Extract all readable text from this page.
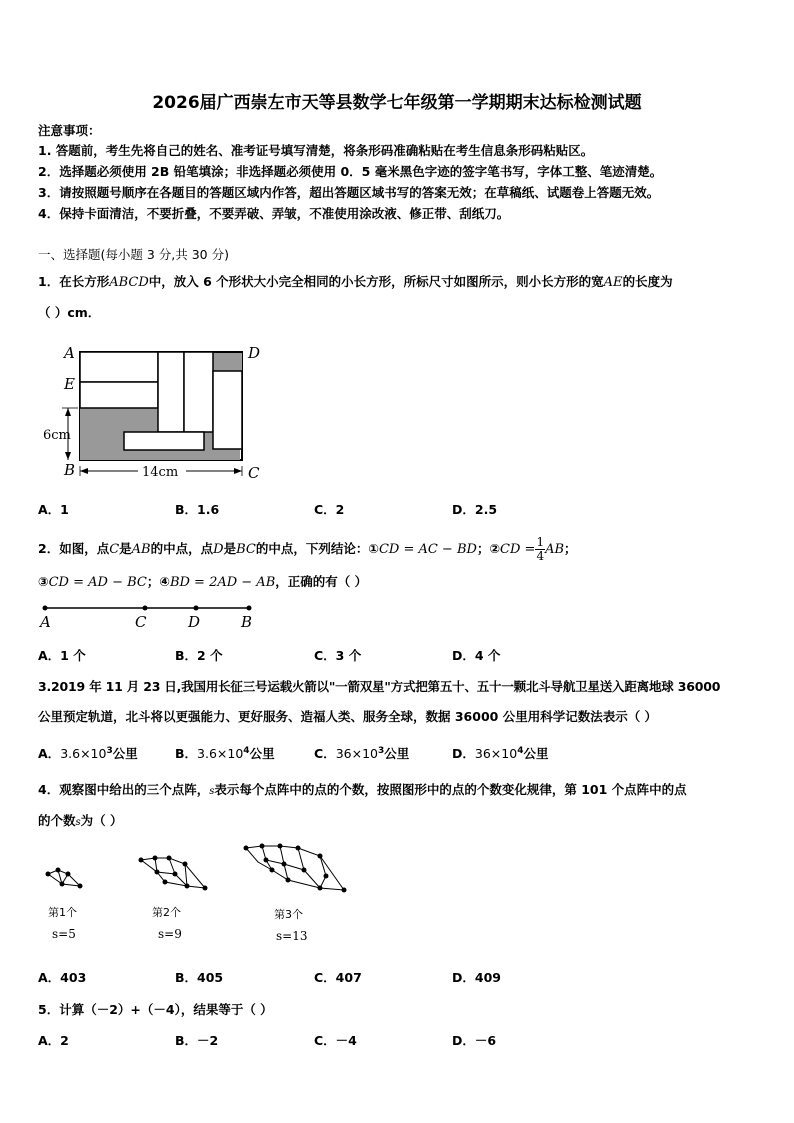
2026届广西崇左市天等县数学七年级第一学期期末达标检测试题
注意事项：
1. 答题前，考生先将自己的姓名、准考证号填写清楚，将条形码准确粘贴在考生信息条形码粘贴区。
2．选择题必须使用 2B 铅笔填涂；非选择题必须使用 0．5 毫米黑色字迹的签字笔书写，字体工整、笔迹清楚。
3．请按照题号顺序在各题目的答题区域内作答，超出答题区域书写的答案无效；在草稿纸、试题卷上答题无效。
4．保持卡面清洁，不要折叠，不要弄破、弄皱，不准使用涂改液、修正带、刮纸刀。
一、选择题(每小题 3 分,共 30 分)
1．在长方形ABCD中，放入 6 个形状大小完全相同的小长方形，所标尺寸如图所示，则小长方形的宽AE的长度为
（ ）cm．
A	D
E
B	C
6cm
14cm
A．1	B．1.6	C．2	D．2.5
2．如图，点C是AB的中点，点D是BC的中点，下列结论：①CD = AC − BD；②CD = $\frac{1}{4}$ AB；
③CD = AD − BC；④BD = 2AD − AB，正确的有（ ）
A	C	D	B
A．1 个	B．2 个	C．3 个	D．4 个
3.2019 年 11 月 23 日,我国用长征三号运载火箭以"一箭双星"方式把第五十、五十一颗北斗导航卫星送入距离地球 36000
公里预定轨道，北斗将以更强能力、更好服务、造福人类、服务全球，数据 36000 公里用科学记数法表示（ ）
A．$3.6\times 10^3$公里	B．$3.6\times 10^4$公里	C．$36\times 10^3$公里	D．$36\times 10^4$公里
4．观察图中给出的三个点阵，s表示每个点阵中的点的个数，按照图形中的点的个数变化规律，第 101 个点阵中的点
的个数s为（ ）
第1个
s=5
第2个
s=9
第3个
s=13
A．403	B．405	C．407	D．409
5．计算（－2）+（－4），结果等于（ ）
A．2	B．－2	C．－4	D．－6
